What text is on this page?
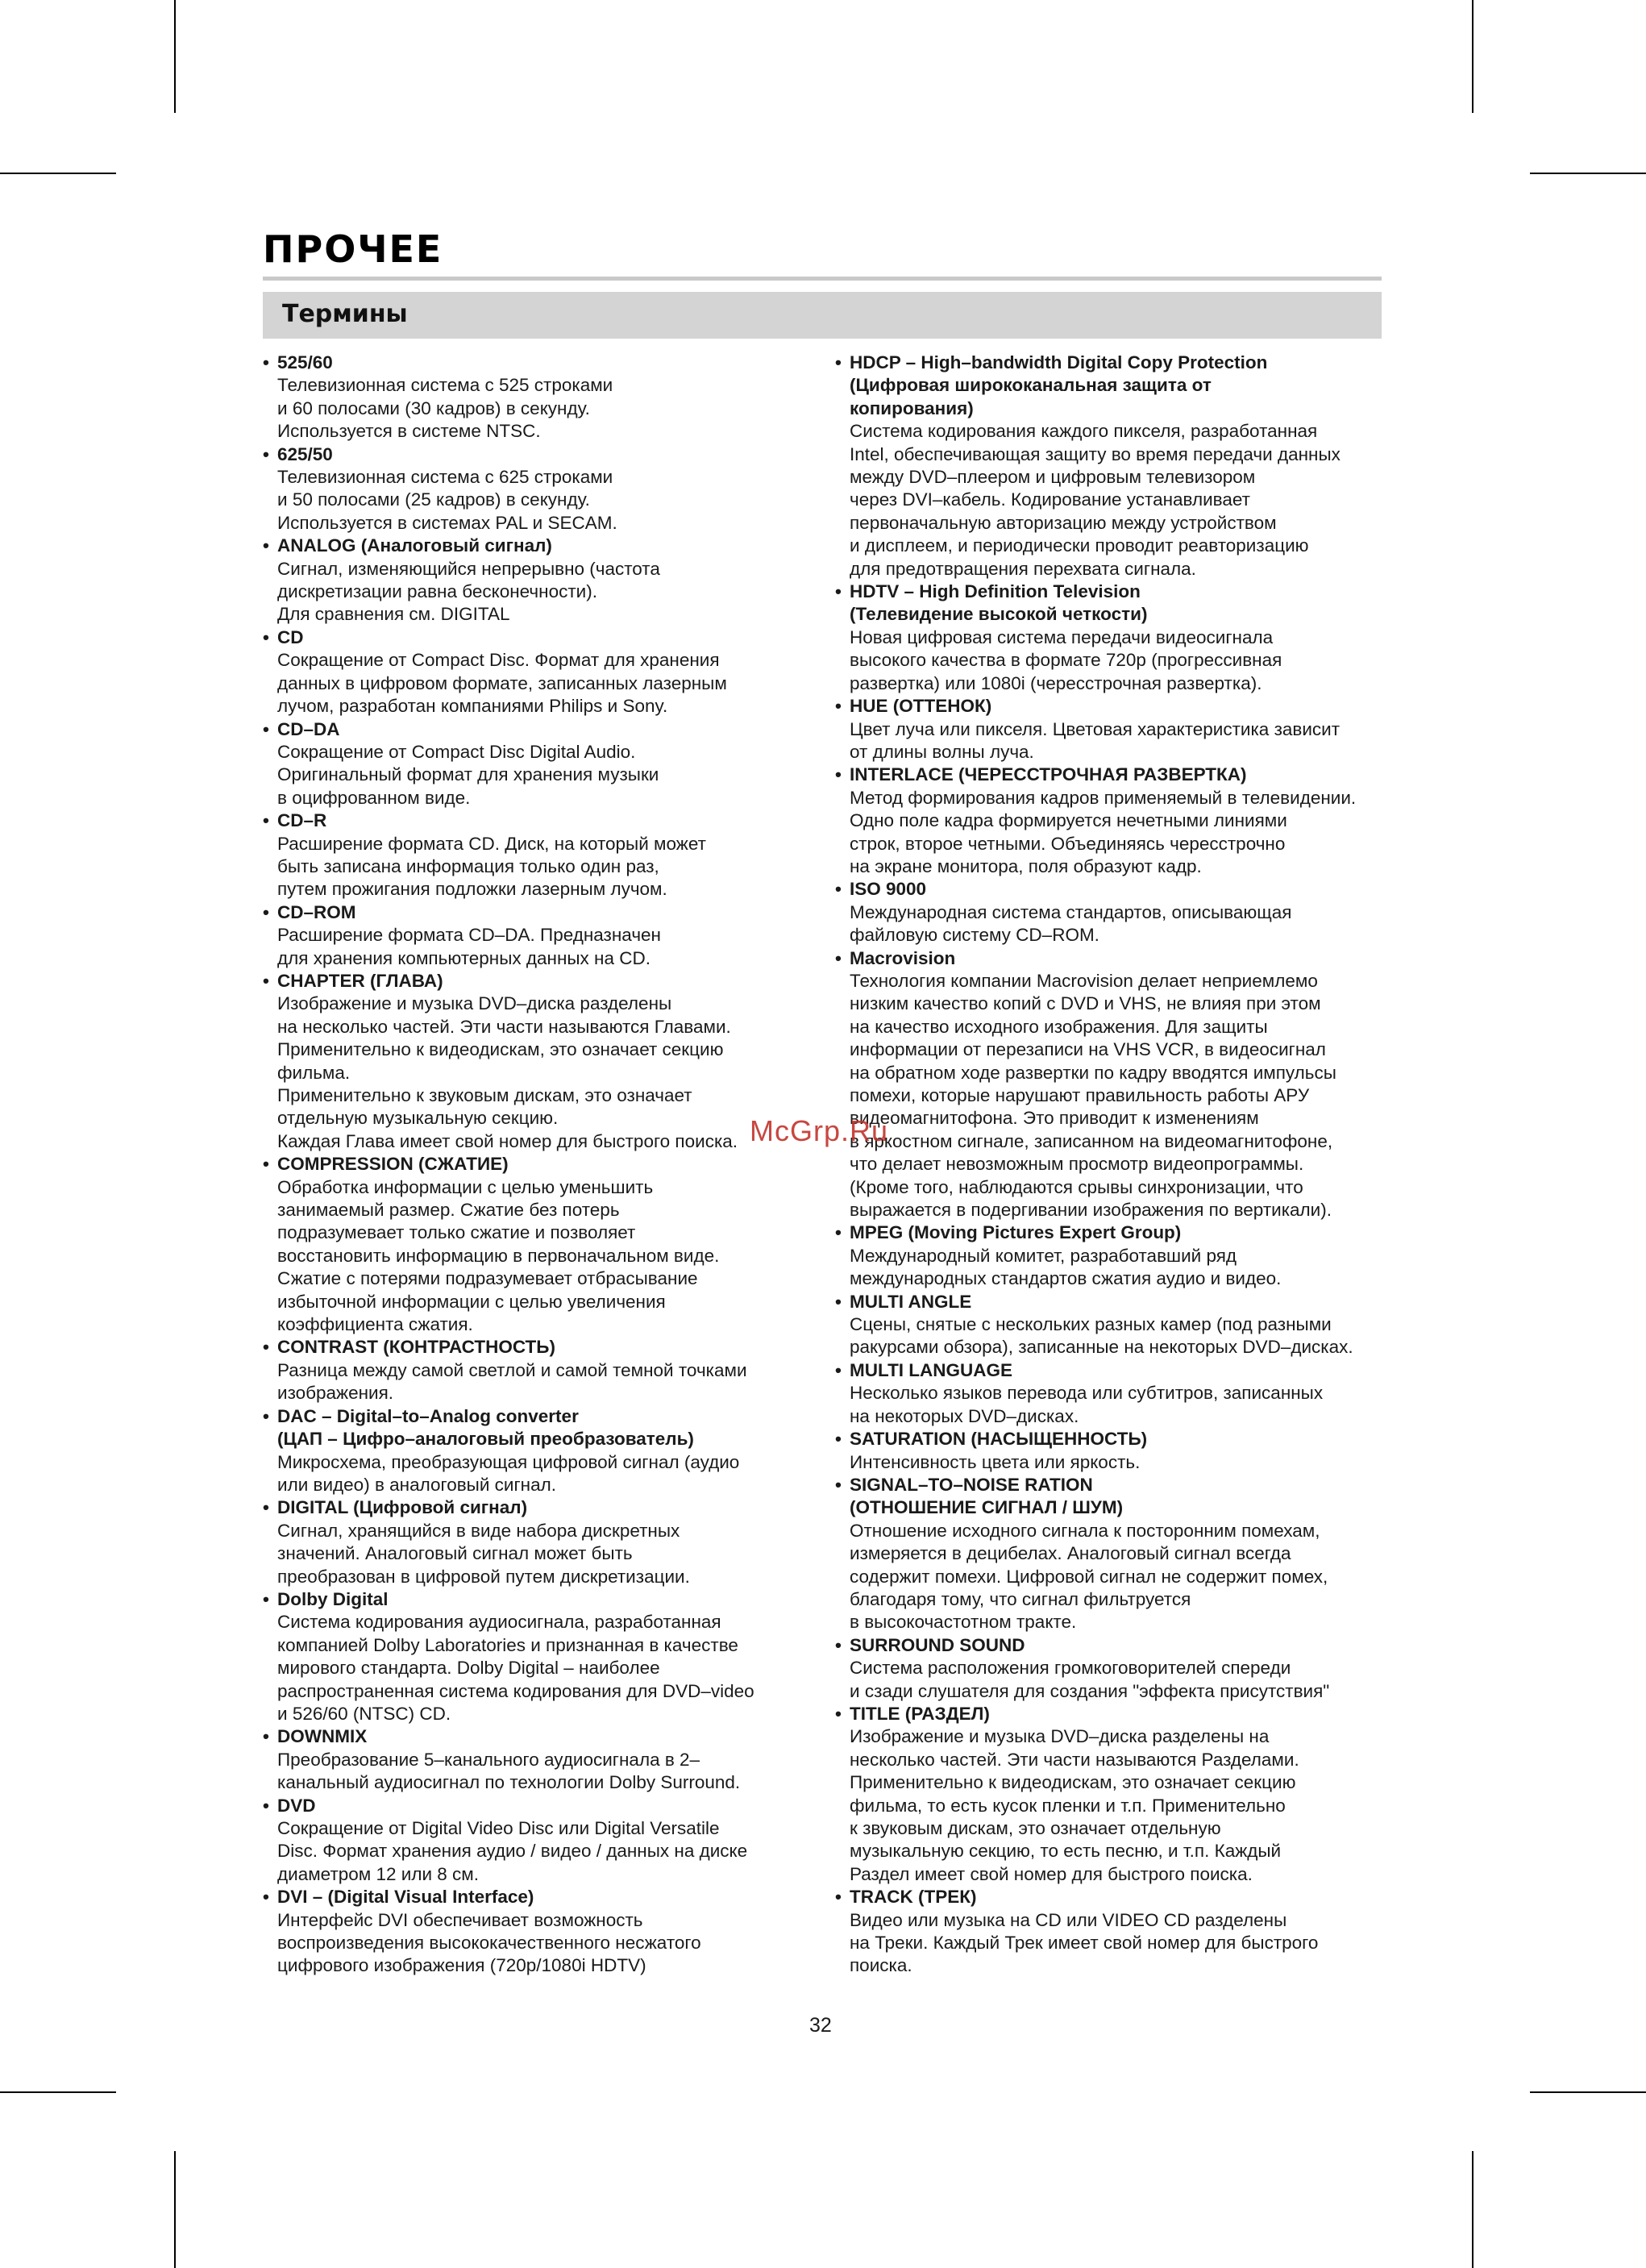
ПРОЧЕЕ
Термины
• 525/60
Телевизионная система с 525 строками
и 60 полосами (30 кадров) в секунду.
Используется в системе NTSC.
• 625/50
Телевизионная система с 625 строками
и 50 полосами (25 кадров) в секунду.
Используется в системах PAL и SECAM.
• ANALOG (Аналоговый сигнал)
Сигнал, изменяющийся непрерывно (частота
дискретизации равна бесконечности).
Для сравнения см. DIGITAL
• CD
Сокращение от Compact Disc. Формат для хранения
данных в цифровом формате, записанных лазерным
лучом, разработан компаниями Philips и Sony.
• CD–DA
Сокращение от Compact Disc Digital Audio.
Оригинальный формат для хранения музыки
в оцифрованном виде.
• CD–R
Расширение формата CD. Диск, на который может
быть записана информация только один раз,
путем прожигания подложки лазерным лучом.
• CD–ROM
Расширение формата CD–DA. Предназначен
для хранения компьютерных данных на CD.
• CHAPTER (ГЛАВА)
Изображение и музыка DVD–диска разделены
на несколько частей. Эти части называются Главами.
Применительно к видеодискам, это означает секцию
фильма.
Применительно к звуковым дискам, это означает
отдельную музыкальную секцию.
Каждая Глава имеет свой номер для быстрого поиска.
• COMPRESSION (СЖАТИЕ)
Обработка информации с целью уменьшить
занимаемый размер. Сжатие без потерь
подразумевает только сжатие и позволяет
восстановить информацию в первоначальном виде.
Сжатие с потерями подразумевает отбрасывание
избыточной информации с целью увеличения
коэффициента сжатия.
• CONTRAST (КОНТРАСТНОСТЬ)
Разница между самой светлой и самой темной точками
изображения.
• DAC – Digital–to–Analog converter
(ЦАП – Цифро–аналоговый преобразователь)
Микросхема, преобразующая цифровой сигнал (аудио
или видео) в аналоговый сигнал.
• DIGITAL (Цифровой сигнал)
Сигнал, хранящийся в виде набора дискретных
значений. Аналоговый сигнал может быть
преобразован в цифровой путем дискретизации.
• Dolby Digital
Система кодирования аудиосигнала, разработанная
компанией Dolby Laboratories и признанная в качестве
мирового стандарта. Dolby Digital – наиболее
распространенная система кодирования для DVD–video
и 526/60 (NTSC) CD.
• DOWNMIX
Преобразование 5–канального аудиосигнала в 2–
канальный аудиосигнал по технологии Dolby Surround.
• DVD
Сокращение от Digital Video Disc или Digital Versatile
Disc. Формат хранения аудио / видео / данных на диске
диаметром 12 или 8 см.
• DVI – (Digital Visual Interface)
Интерфейс DVI обеспечивает возможность
воспроизведения высококачественного несжатого
цифрового изображения (720р/1080i HDTV)
• HDCP – High–bandwidth Digital Copy Protection
(Цифровая ширококанальная защита от
копирования)
Система кодирования каждого пикселя, разработанная
Intel, обеспечивающая защиту во время передачи данных
между DVD–плеером и цифровым телевизором
через DVI–кабель. Кодирование устанавливает
первоначальную авторизацию между устройством
и дисплеем, и периодически проводит реавторизацию
для предотвращения перехвата сигнала.
• HDTV – High Definition Television
(Телевидение высокой четкости)
Новая цифровая система передачи видеосигнала
высокого качества в формате 720р (прогрессивная
развертка) или 1080i (чересстрочная развертка).
• HUE (ОТТЕНОК)
Цвет луча или пикселя. Цветовая характеристика зависит
от длины волны луча.
• INTERLACE (ЧЕРЕССТРОЧНАЯ РАЗВЕРТКА)
Метод формирования кадров применяемый в телевидении.
Одно поле кадра формируется нечетными линиями
строк, второе четными. Объединяясь чересстрочно
на экране монитора, поля образуют кадр.
• ISO 9000
Международная система стандартов, описывающая
файловую систему CD–ROM.
• Macrovision
Технология компании Macrovision делает неприемлемо
низким качество копий с DVD и VHS, не влияя при этом
на качество исходного изображения. Для защиты
информации от перезаписи на VHS VCR, в видеосигнал
на обратном ходе развертки по кадру вводятся импульсы
помехи, которые нарушают правильность работы АРУ
видеомагнитофона. Это приводит к изменениям
в яркостном сигнале, записанном на видеомагнитофоне,
что делает невозможным просмотр видеопрограммы.
(Кроме того, наблюдаются срывы синхронизации, что
выражается в подергивании изображения по вертикали).
• MPEG (Moving Pictures Expert Group)
Международный комитет, разработавший ряд
международных стандартов сжатия аудио и видео.
• MULTI ANGLE
Сцены, снятые с нескольких разных камер (под разными
ракурсами обзора), записанные на некоторых DVD–дисках.
• MULTI LANGUAGE
Несколько языков перевода или субтитров, записанных
на некоторых DVD–дисках.
• SATURATION (НАСЫЩЕННОСТЬ)
Интенсивность цвета или яркость.
• SIGNAL–TO–NOISE RATION
(ОТНОШЕНИЕ СИГНАЛ / ШУМ)
Отношение исходного сигнала к посторонним помехам,
измеряется в децибелах. Аналоговый сигнал всегда
содержит помехи. Цифровой сигнал не содержит помех,
благодаря тому, что сигнал фильтруется
в высокочастотном тракте.
• SURROUND SOUND
Система расположения громкоговорителей спереди
и сзади слушателя для создания "эффекта присутствия"
• TITLE (РАЗДЕЛ)
Изображение и музыка DVD–диска разделены на
несколько частей. Эти части называются Разделами.
Применительно к видеодискам, это означает секцию
фильма, то есть кусок пленки и т.п. Применительно
к звуковым дискам, это означает отдельную
музыкальную секцию, то есть песню, и т.п. Каждый
Раздел имеет свой номер для быстрого поиска.
• TRACK (ТРЕК)
Видео или музыка на CD или VIDEO CD разделены
на Треки. Каждый Трек имеет свой номер для быстрого
поиска.
McGrp.Ru
32
